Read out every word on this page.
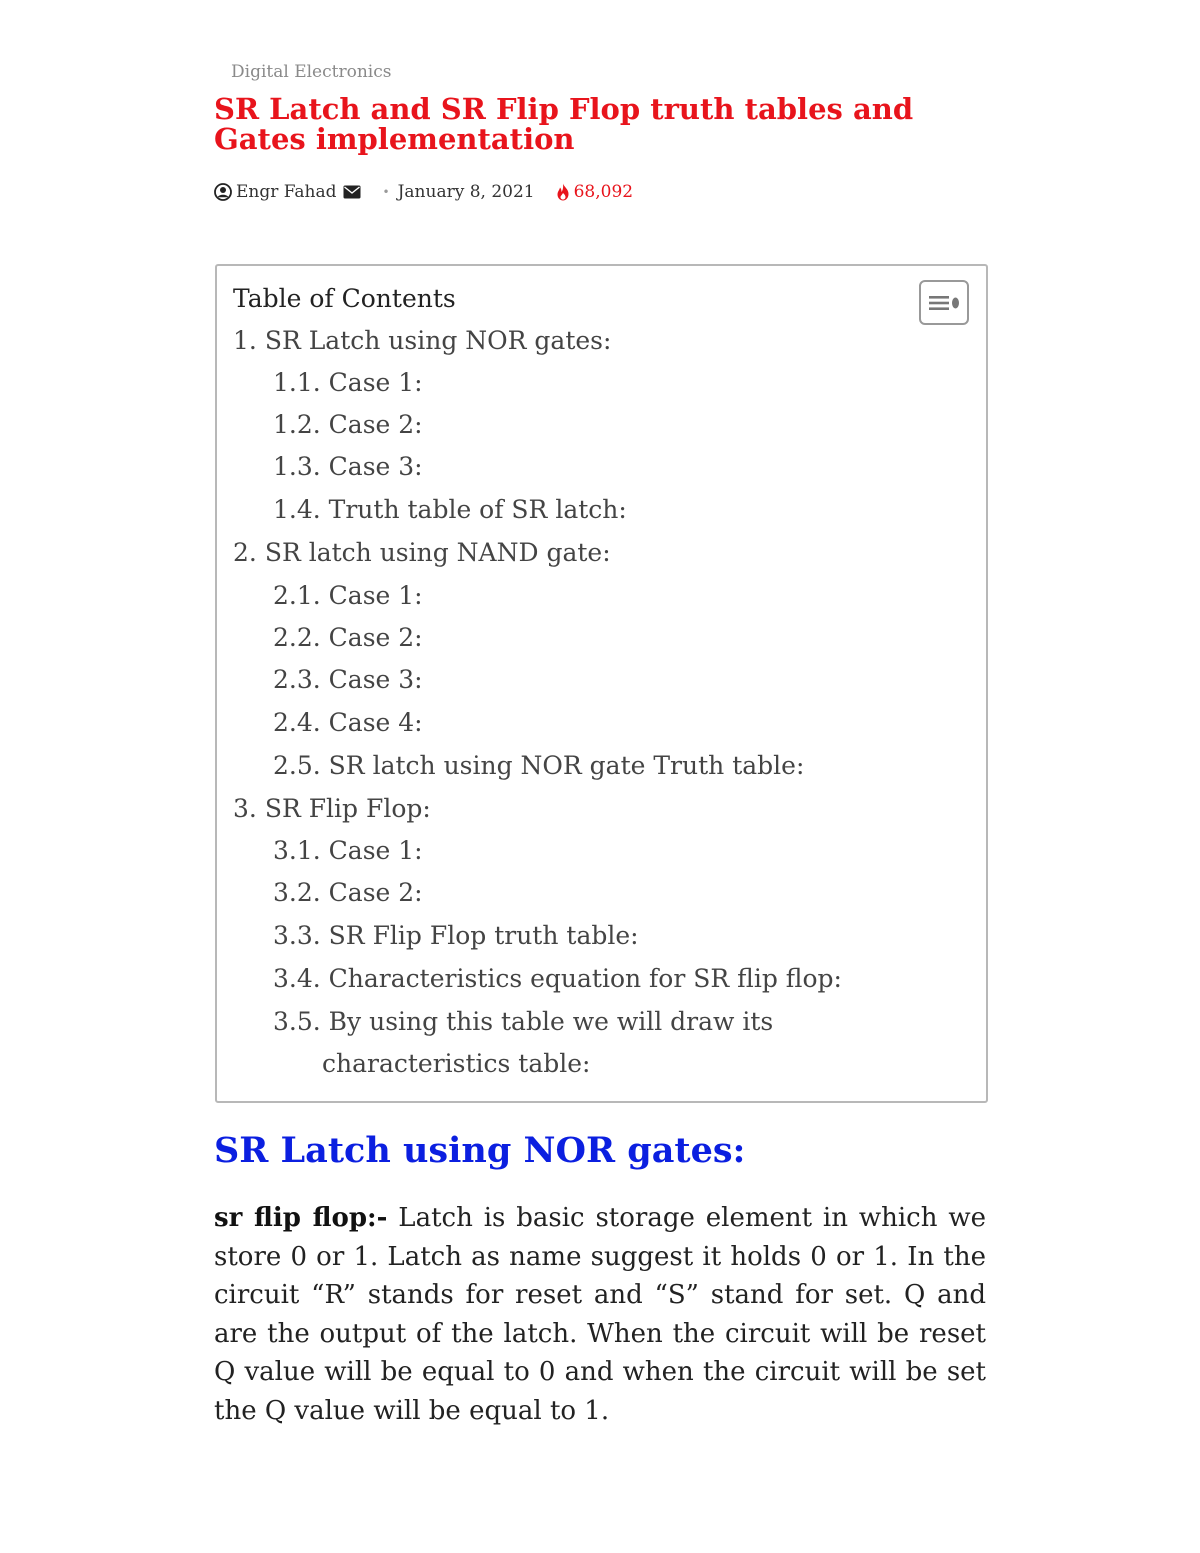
Digital Electronics
SR Latch and SR Flip Flop truth tables and Gates implementation
Engr Fahad	• January 8, 2021 68,092
Table of Contents
1. SR Latch using NOR gates:
1.1. Case 1:
1.2. Case 2:
1.3. Case 3:
1.4. Truth table of SR latch:
2. SR latch using NAND gate:
2.1. Case 1:
2.2. Case 2:
2.3. Case 3:
2.4. Case 4:
2.5. SR latch using NOR gate Truth table:
3. SR Flip Flop:
3.1. Case 1:
3.2. Case 2:
3.3. SR Flip Flop truth table:
3.4. Characteristics equation for SR flip flop:
3.5. By using this table we will draw its
characteristics table:
SR Latch using NOR gates:

sr flip flop:- Latch is basic storage element in which we store 0 or 1. Latch as name suggest it holds 0 or 1. In the circuit “R” stands for reset and “S” stand for set. Q and are the output of the latch. When the circuit will be reset Q value will be equal to 0 and when the circuit will be set the Q value will be equal to 1.
